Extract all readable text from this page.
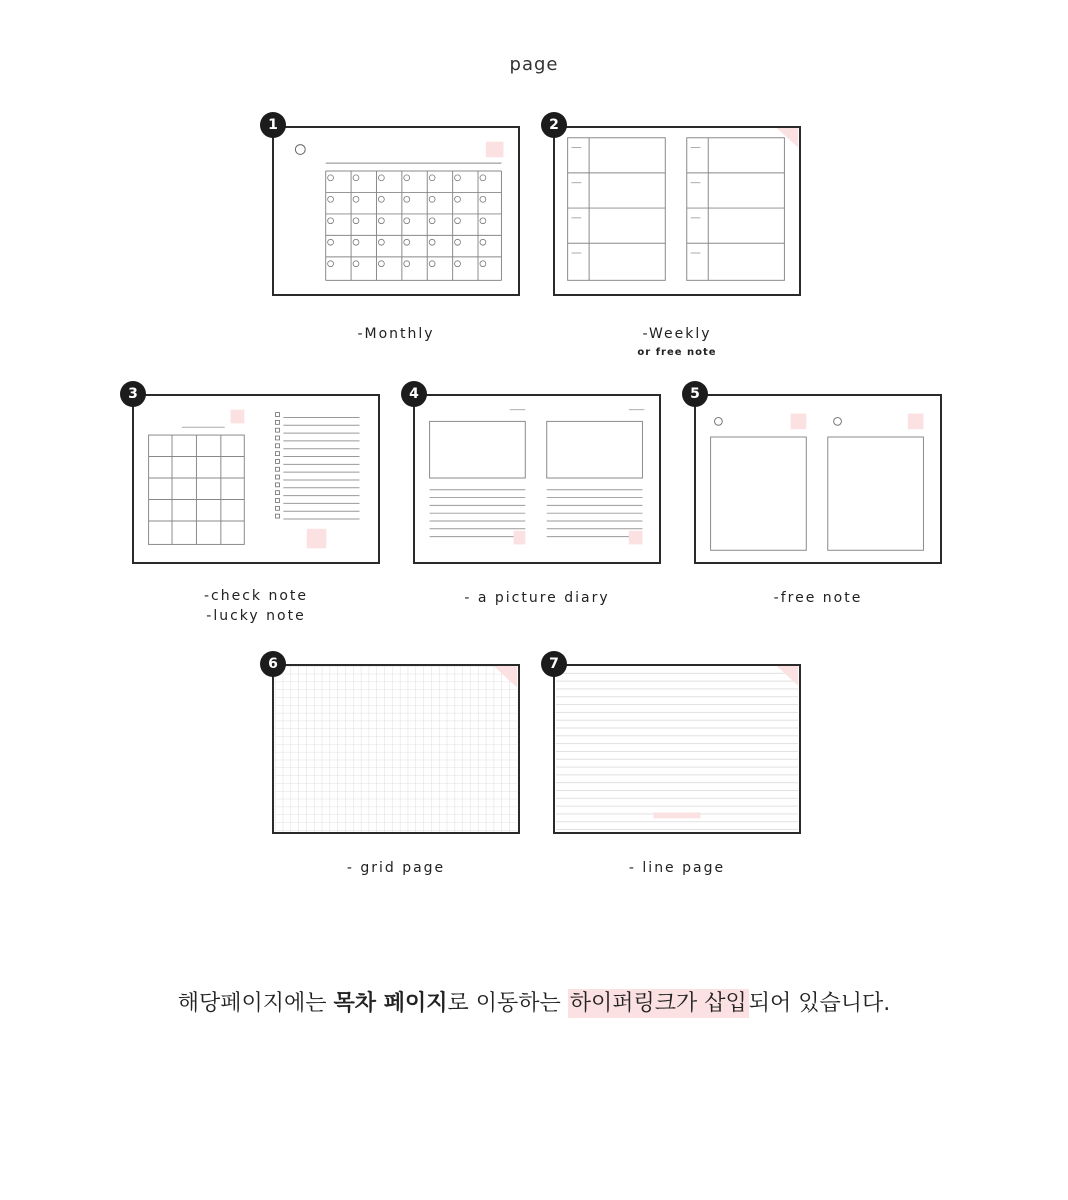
page
1
-Monthly
2
-Weekly
or free note
3
-check note
-lucky note
4
- a picture diary
5
-free note
6
- grid page
7
- line page
해당페이지에는 목차 페이지로 이동하는 하이퍼링크가 삽입되어 있습니다.
